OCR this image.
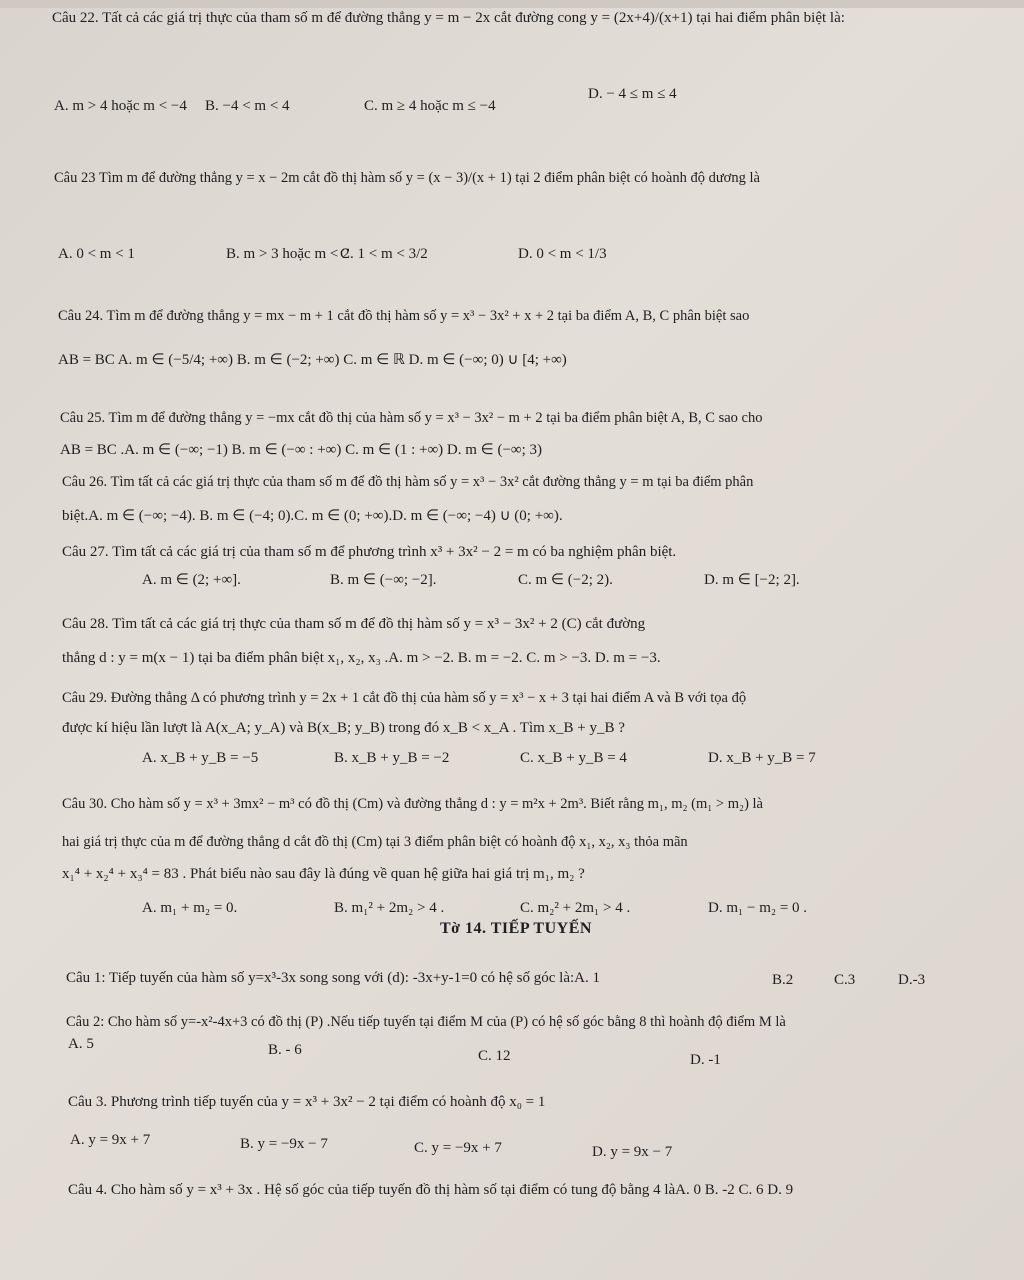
Câu 22. Tất cả các giá trị thực của tham số m để đường thẳng y = m − 2x cắt đường cong y = (2x+4)/(x+1) tại hai điểm phân biệt là:
A. m > 4 hoặc m < −4 B. −4 < m < 4	C. m ≥ 4 hoặc m ≤ −4
D. − 4 ≤ m ≤ 4
Câu 23 Tìm m để đường thẳng y = x − 2m cắt đồ thị hàm số y = (x − 3)/(x + 1) tại 2 điểm phân biệt có hoành độ dương là
A. 0 < m < 1	B. m > 3 hoặc m < 2
C. 1 < m < 3/2	D. 0 < m < 1/3
Câu 24. Tìm m để đường thẳng y = mx − m + 1 cắt đồ thị hàm số y = x³ − 3x² + x + 2 tại ba điểm A, B, C phân biệt sao
AB = BC A. m ∈ (−5/4; +∞) B. m ∈ (−2; +∞) C. m ∈ ℝ D. m ∈ (−∞; 0) ∪ [4; +∞)
Câu 25. Tìm m để đường thẳng y = −mx cắt đồ thị của hàm số y = x³ − 3x² − m + 2 tại ba điểm phân biệt A, B, C sao cho
AB = BC .A. m ∈ (−∞; −1) B. m ∈ (−∞ : +∞) C. m ∈ (1 : +∞) D. m ∈ (−∞; 3)
Câu 26. Tìm tất cả các giá trị thực của tham số m để đồ thị hàm số y = x³ − 3x² cắt đường thẳng y = m tại ba điểm phân
biệt.A. m ∈ (−∞; −4). B. m ∈ (−4; 0).C. m ∈ (0; +∞).D. m ∈ (−∞; −4) ∪ (0; +∞).
Câu 27. Tìm tất cả các giá trị của tham số m để phương trình x³ + 3x² − 2 = m có ba nghiệm phân biệt.
A. m ∈ (2; +∞].	B. m ∈ (−∞; −2].	C. m ∈ (−2; 2).	D. m ∈ [−2; 2].
Câu 28. Tìm tất cả các giá trị thực của tham số m để đồ thị hàm số y = x³ − 3x² + 2 (C) cắt đường
thẳng d : y = m(x − 1) tại ba điểm phân biệt x₁, x₂, x₃ .A. m > −2. B. m = −2. C. m > −3. D. m = −3.
Câu 29. Đường thẳng Δ có phương trình y = 2x + 1 cắt đồ thị của hàm số y = x³ − x + 3 tại hai điểm A và B với tọa độ
được kí hiệu lần lượt là A(x_A; y_A) và B(x_B; y_B) trong đó x_B < x_A . Tìm x_B + y_B ?
A. x_B + y_B = −5	B. x_B + y_B = −2	C. x_B + y_B = 4	D. x_B + y_B = 7
Câu 30. Cho hàm số y = x³ + 3mx² − m³ có đồ thị (Cm) và đường thẳng d : y = m²x + 2m³. Biết rằng m₁, m₂ (m₁ > m₂) là
hai giá trị thực của m để đường thẳng d cắt đồ thị (Cm) tại 3 điểm phân biệt có hoành độ x₁, x₂, x₃ thỏa mãn
x₁⁴ + x₂⁴ + x₃⁴ = 83 . Phát biểu nào sau đây là đúng về quan hệ giữa hai giá trị m₁, m₂ ?
A. m₁ + m₂ = 0.	B. m₁² + 2m₂ > 4 .	C. m₂² + 2m₁ > 4 .	D. m₁ − m₂ = 0 .
Tờ 14. TIẾP TUYẾN
Câu 1: Tiếp tuyến của hàm số y=x³-3x song song với (d): -3x+y-1=0 có hệ số góc là:A. 1	B.2	C.3	D.-3
Câu 2: Cho hàm số y=-x²-4x+3 có đồ thị (P) .Nếu tiếp tuyến tại điểm M của (P) có hệ số góc bằng 8 thì hoành độ điểm M là
A. 5	B. - 6	C. 12	D. -1
Câu 3. Phương trình tiếp tuyến của y = x³ + 3x² − 2 tại điểm có hoành độ x₀ = 1
A. y = 9x + 7	B. y = −9x − 7	C. y = −9x + 7	D. y = 9x − 7
Câu 4. Cho hàm số y = x³ + 3x . Hệ số góc của tiếp tuyến đồ thị hàm số tại điểm có tung độ bằng 4 làA. 0 B. -2 C. 6 D. 9
